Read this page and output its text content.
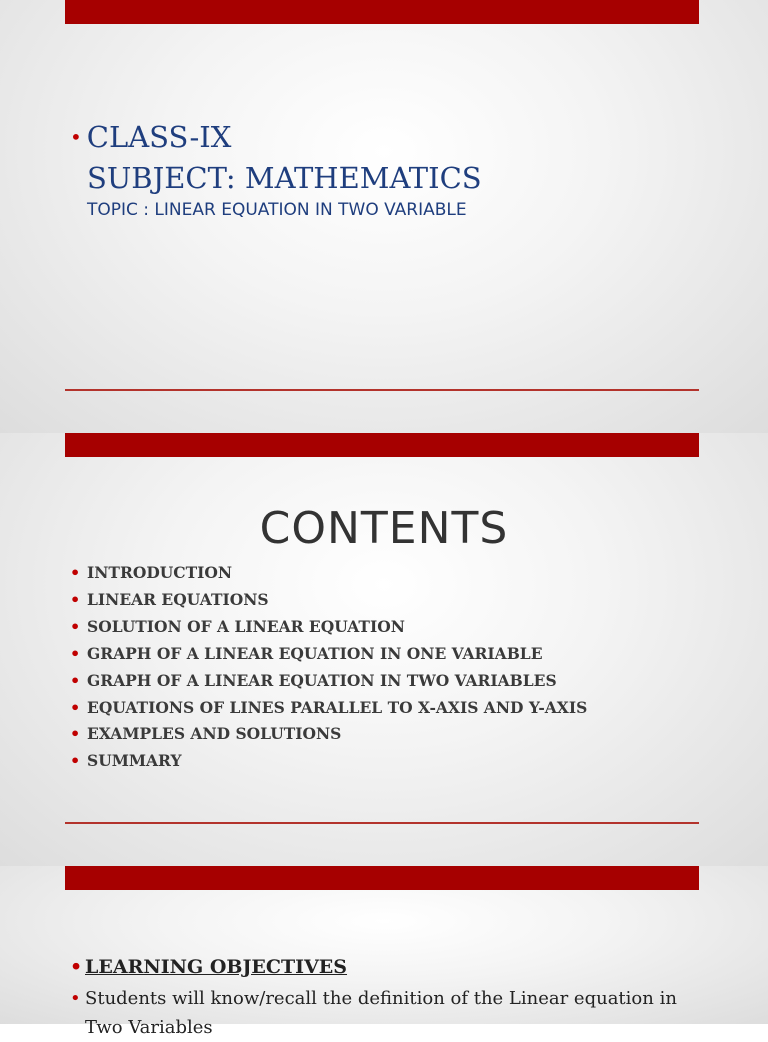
• CLASS-IX
SUBJECT: MATHEMATICS
TOPIC : LINEAR EQUATION IN TWO VARIABLE
CONTENTS
• INTRODUCTION
• LINEAR EQUATIONS
• SOLUTION OF A LINEAR EQUATION
• GRAPH OF A LINEAR EQUATION IN ONE VARIABLE
• GRAPH OF A LINEAR EQUATION IN TWO VARIABLES
• EQUATIONS OF LINES PARALLEL TO X-AXIS AND Y-AXIS
• EXAMPLES AND SOLUTIONS
• SUMMARY
• LEARNING OBJECTIVES
• Students will know/recall the definition of the Linear equation in Two Variables
